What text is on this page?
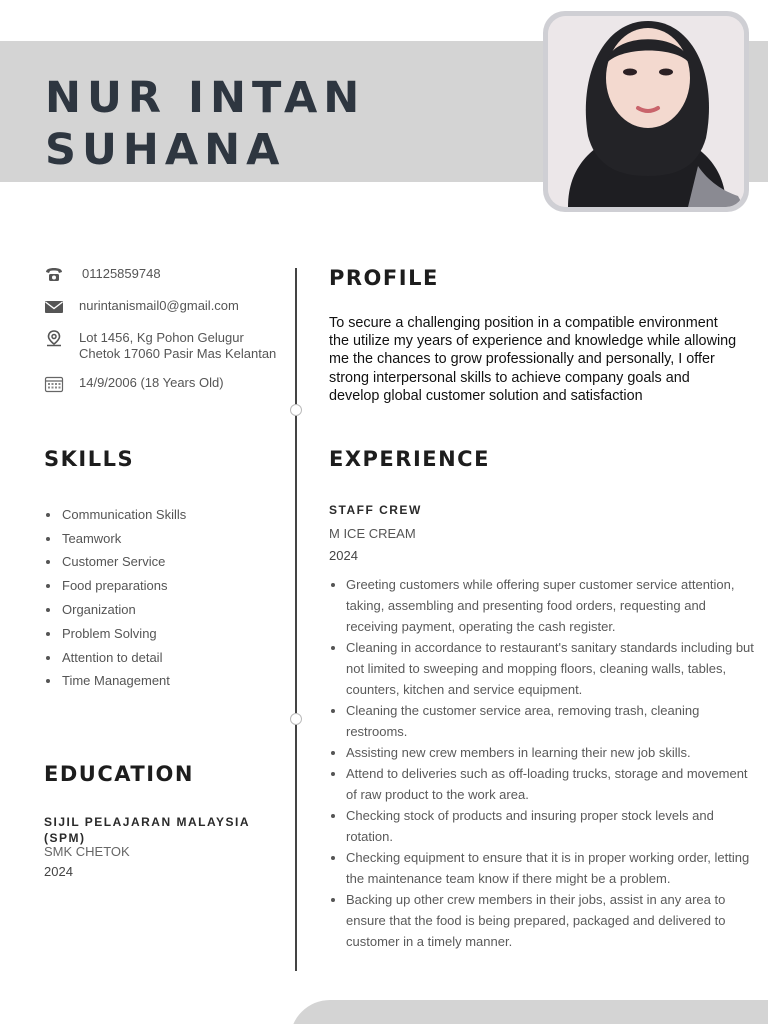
NUR INTAN
SUHANA
01125859748
nurintanismail0@gmail.com
Lot 1456, Kg Pohon Gelugur
Chetok 17060 Pasir Mas Kelantan
14/9/2006 (18 Years Old)
SKILLS
Communication Skills
Teamwork
Customer Service
Food preparations
Organization
Problem Solving
Attention to detail
Time Management
EDUCATION
SIJIL PELAJARAN MALAYSIA (SPM)
SMK CHETOK
2024
PROFILE

To secure a challenging position in a compatible environment the utilize my years of experience and knowledge while allowing me the chances to grow professionally and personally, I offer strong interpersonal skills to achieve company goals and develop global customer solution and satisfaction

EXPERIENCE
STAFF CREW
M ICE CREAM
2024
Greeting customers while offering super customer service attention, taking, assembling and presenting food orders, requesting and receiving payment, operating the cash register.
Cleaning in accordance to restaurant's sanitary standards including but not limited to sweeping and mopping floors, cleaning walls, tables, counters, kitchen and service equipment.
Cleaning the customer service area, removing trash, cleaning restrooms.
Assisting new crew members in learning their new job skills.
Attend to deliveries such as off-loading trucks, storage and movement of raw product to the work area.
Checking stock of products and insuring proper stock levels and rotation.
Checking equipment to ensure that it is in proper working order, letting the maintenance team know if there might be a problem.
Backing up other crew members in their jobs, assist in any area to ensure that the food is being prepared, packaged and delivered to customer in a timely manner.
